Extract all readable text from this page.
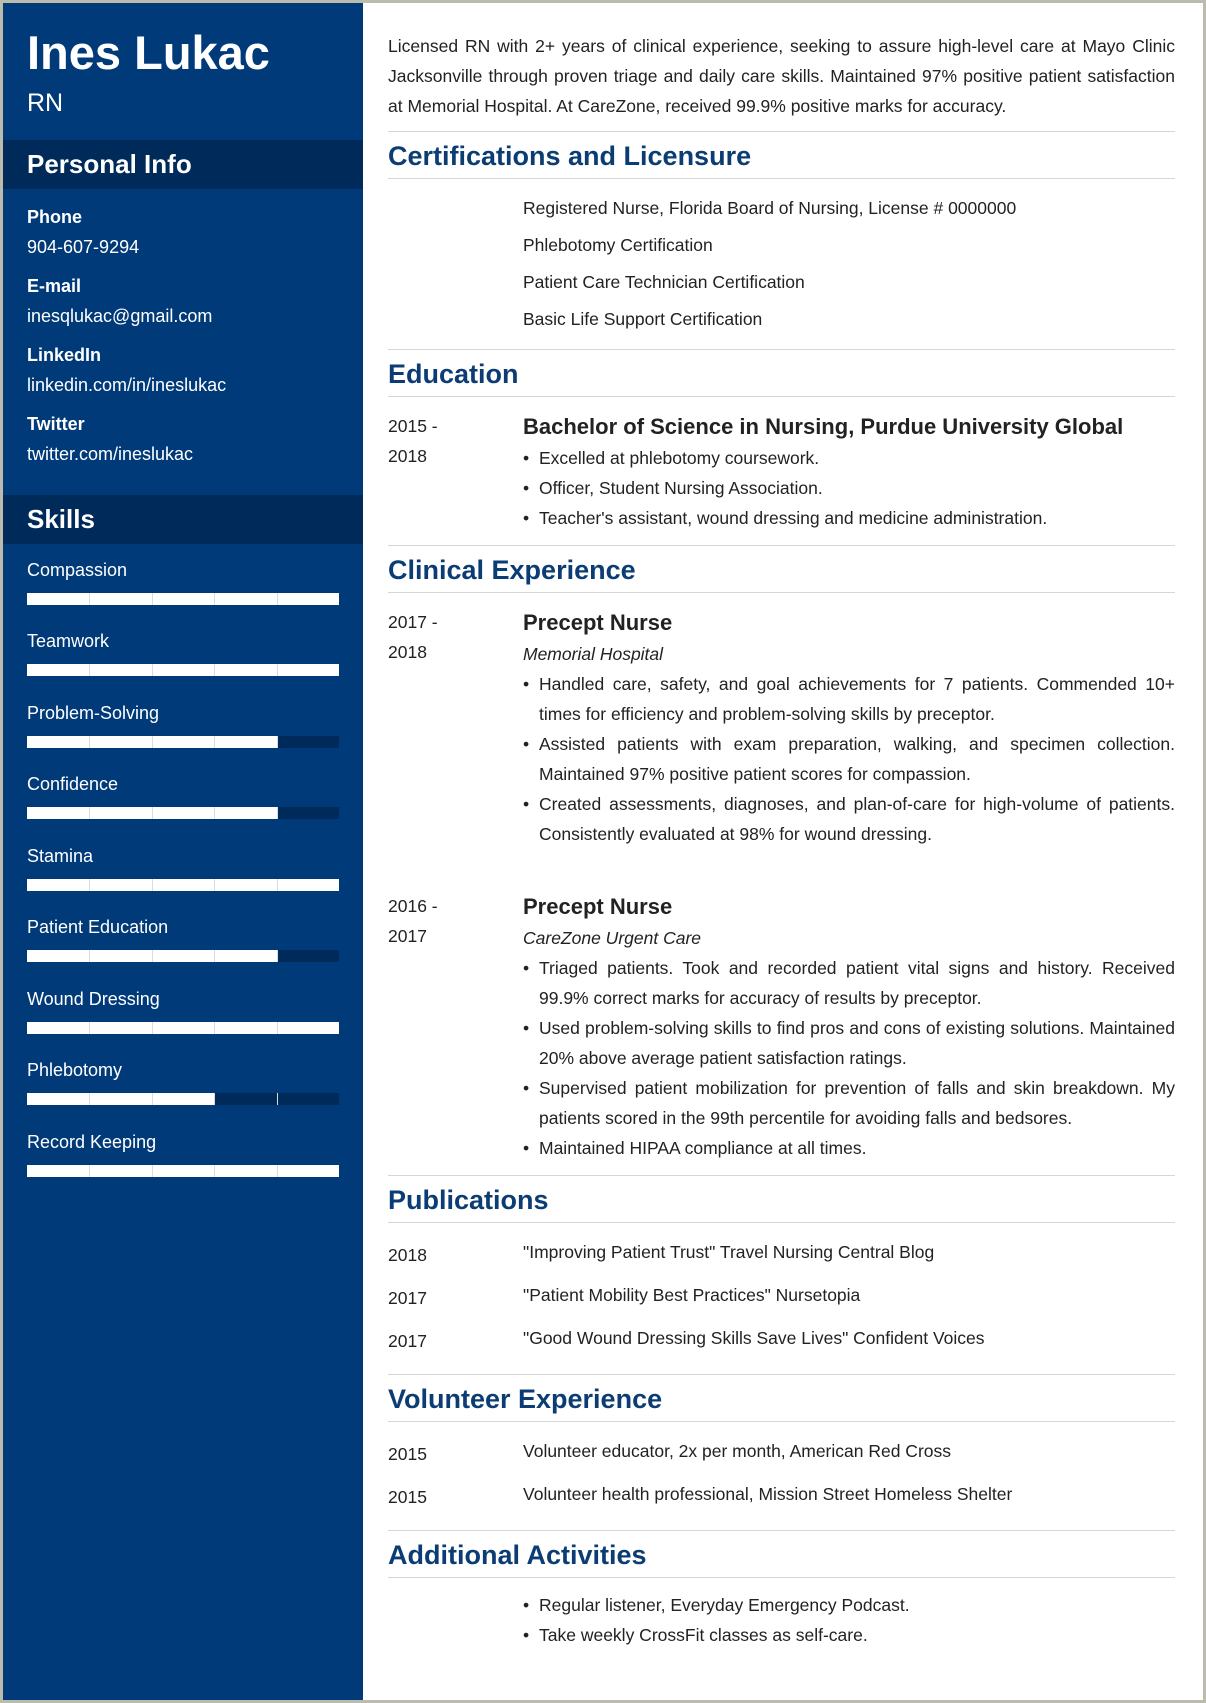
Ines Lukac
RN
Personal Info
Phone
904-607-9294
E-mail
inesqlukac@gmail.com
LinkedIn
linkedin.com/in/ineslukac
Twitter
twitter.com/ineslukac
Skills
Compassion
Teamwork
Problem-Solving
Confidence
Stamina
Patient Education
Wound Dressing
Phlebotomy
Record Keeping
Licensed RN with 2+ years of clinical experience, seeking to assure high-level care at Mayo Clinic Jacksonville through proven triage and daily care skills. Maintained 97% positive patient satisfaction at Memorial Hospital. At CareZone, received 99.9% positive marks for accuracy.
Certifications and Licensure
Registered Nurse, Florida Board of Nursing, License # 0000000
Phlebotomy Certification
Patient Care Technician Certification
Basic Life Support Certification
Education
2015 -
2018
Bachelor of Science in Nursing, Purdue University Global
• Excelled at phlebotomy coursework.
• Officer, Student Nursing Association.
• Teacher's assistant, wound dressing and medicine administration.
Clinical Experience
2017 -
2018
Precept Nurse
Memorial Hospital
• Handled care, safety, and goal achievements for 7 patients. Commended 10+ times for efficiency and problem-solving skills by preceptor.
• Assisted patients with exam preparation, walking, and specimen collection. Maintained 97% positive patient scores for compassion.
• Created assessments, diagnoses, and plan-of-care for high-volume of patients. Consistently evaluated at 98% for wound dressing.
2016 -
2017
Precept Nurse
CareZone Urgent Care
• Triaged patients. Took and recorded patient vital signs and history. Received 99.9% correct marks for accuracy of results by preceptor.
• Used problem-solving skills to find pros and cons of existing solutions. Maintained 20% above average patient satisfaction ratings.
• Supervised patient mobilization for prevention of falls and skin breakdown. My patients scored in the 99th percentile for avoiding falls and bedsores.
• Maintained HIPAA compliance at all times.
Publications
2018	"Improving Patient Trust" Travel Nursing Central Blog
2017	"Patient Mobility Best Practices" Nursetopia
2017	"Good Wound Dressing Skills Save Lives" Confident Voices
Volunteer Experience
2015	Volunteer educator, 2x per month, American Red Cross
2015	Volunteer health professional, Mission Street Homeless Shelter
Additional Activities
• Regular listener, Everyday Emergency Podcast.
• Take weekly CrossFit classes as self-care.
